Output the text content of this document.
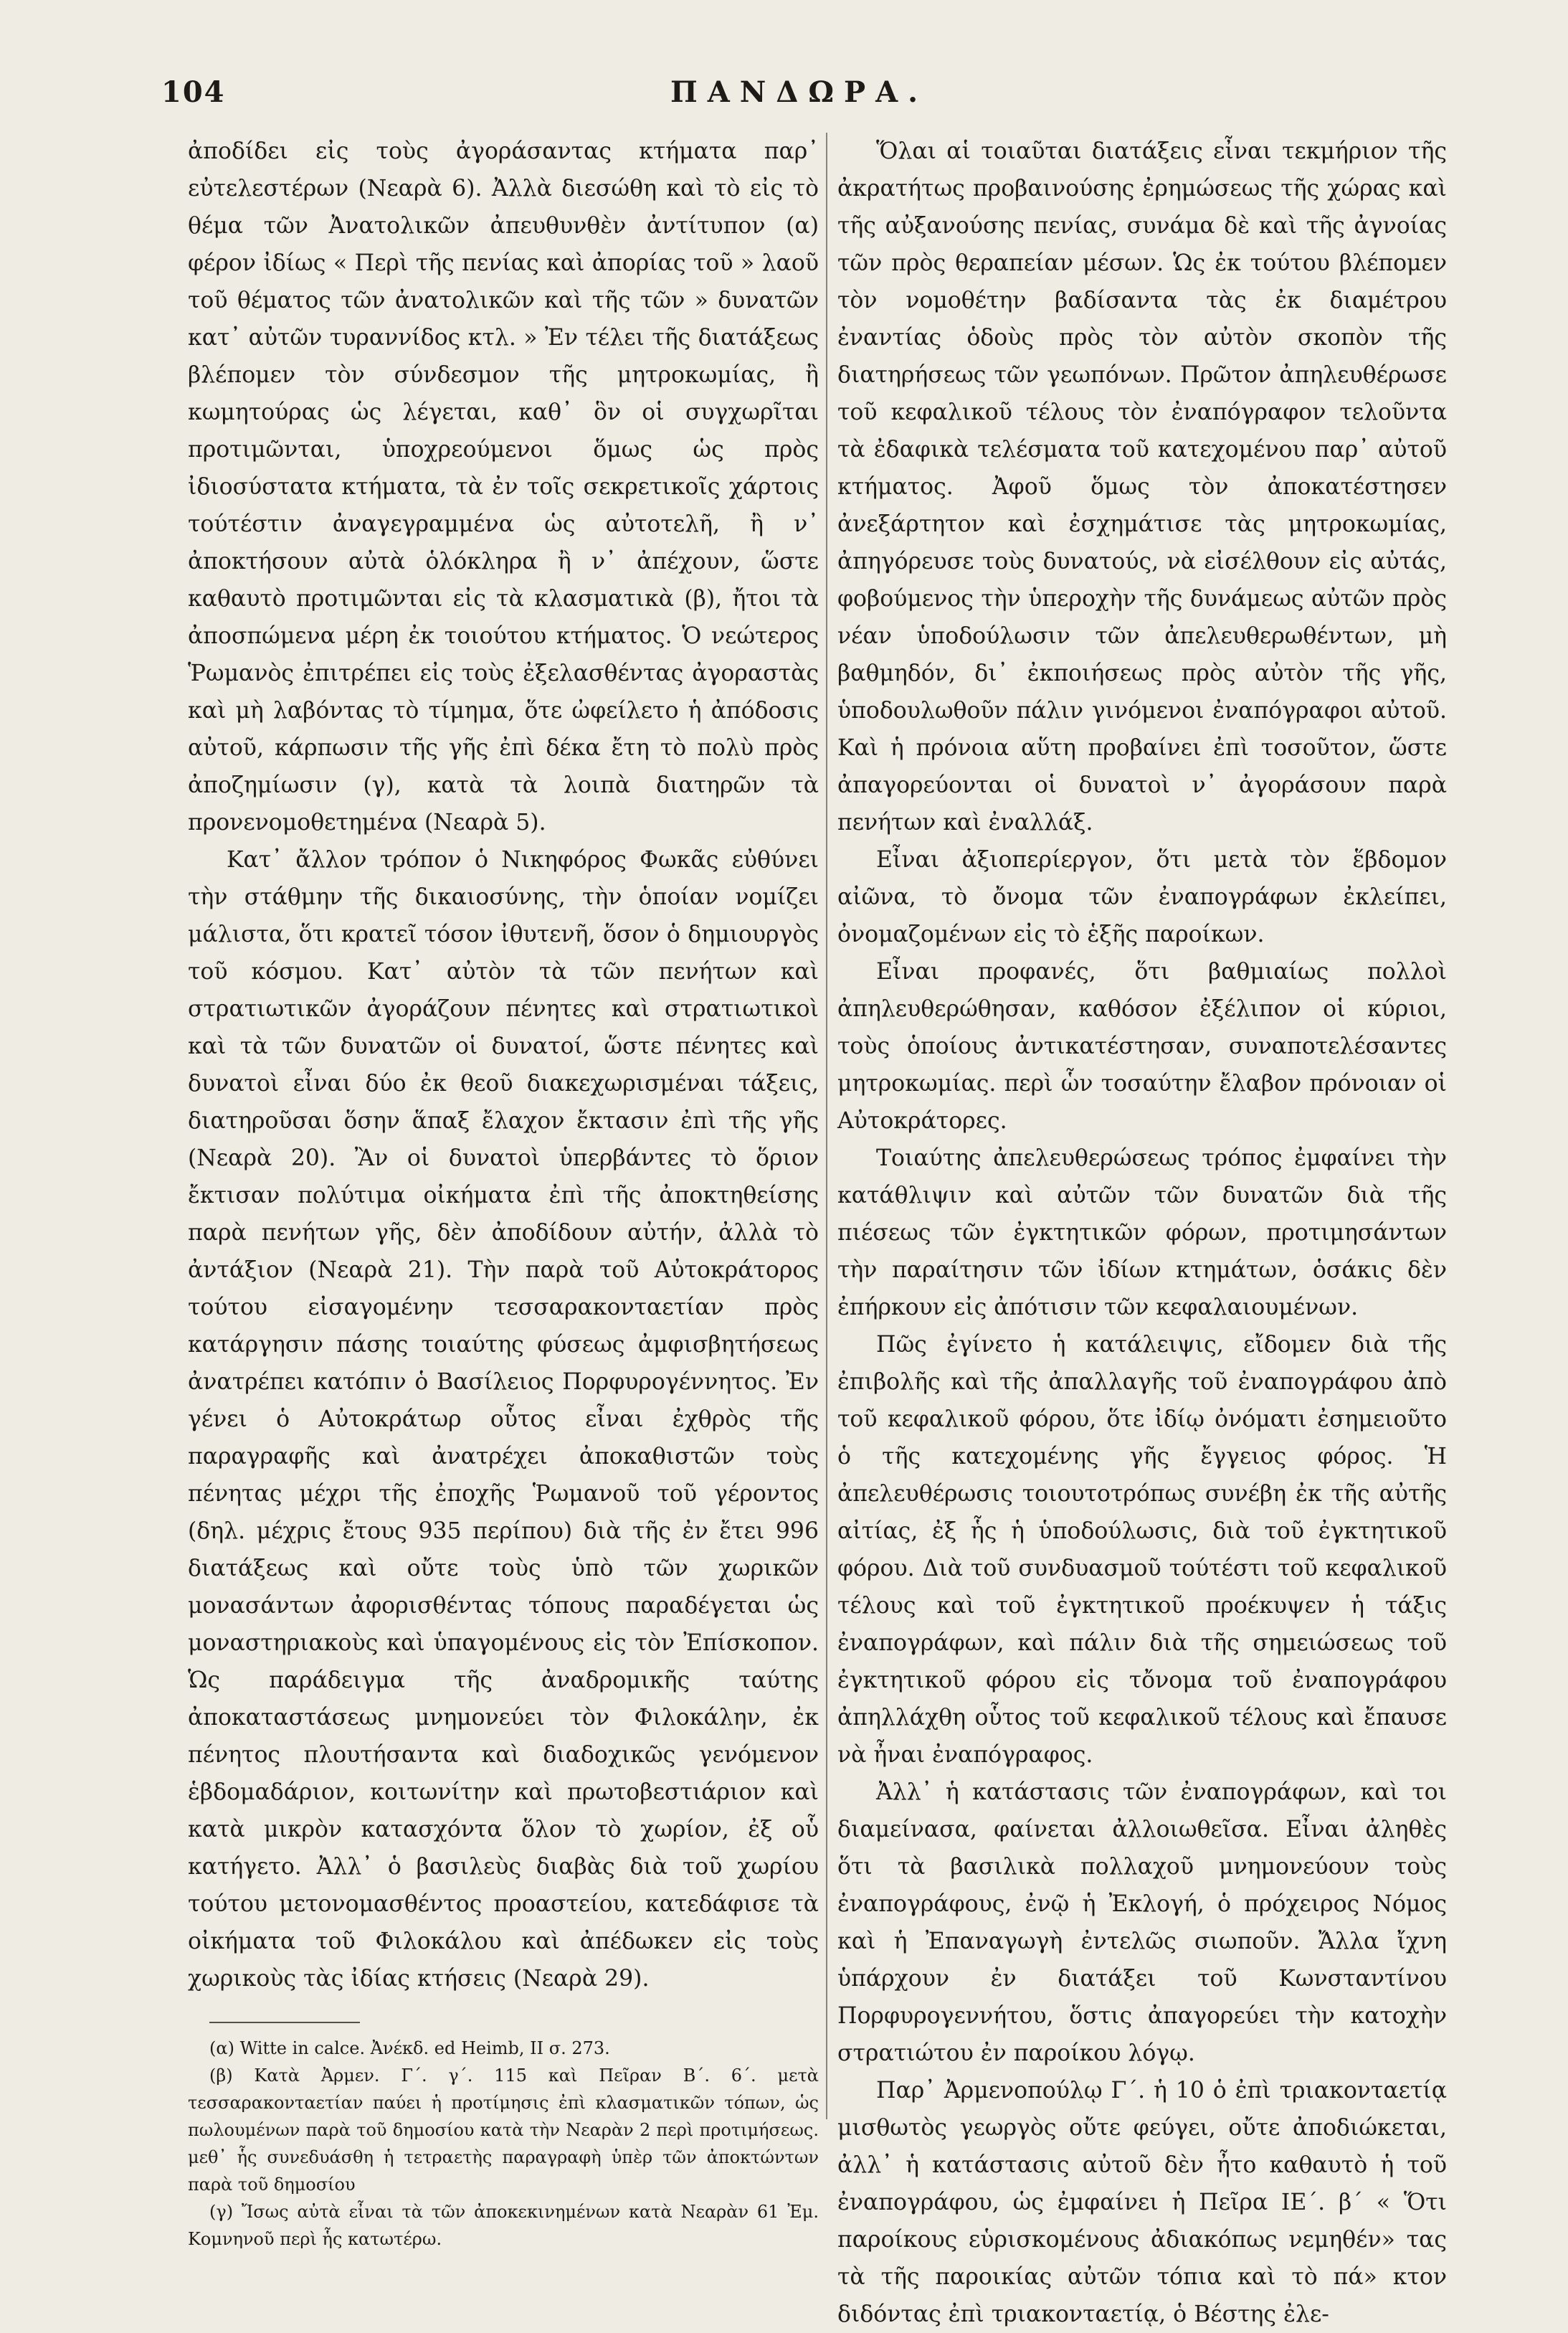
104	ΠΑΝΔΩΡΑ.

ἀποδίδει εἰς τοὺς ἀγοράσαντας κτήματα παρ᾽ εὐτελεστέρων (Νεαρὰ 6). Ἀλλὰ διεσώθη καὶ τὸ εἰς τὸ θέμα τῶν Ἀνατολικῶν ἀπευθυνθὲν ἀντίτυπον (α) φέρον ἰδίως « Περὶ τῆς πενίας καὶ ἀπορίας τοῦ » λαοῦ τοῦ θέματος τῶν ἀνατολικῶν καὶ τῆς τῶν » δυνατῶν κατ᾽ αὐτῶν τυραννίδος κτλ. » Ἐν τέλει τῆς διατάξεως βλέπομεν τὸν σύνδεσμον τῆς μητροκωμίας, ἢ κωμητούρας ὡς λέγεται, καθ᾽ ὃν οἱ συγχωρῖται προτιμῶνται, ὑποχρεούμενοι ὅμως ὡς πρὸς ἰδιοσύστατα κτήματα, τὰ ἐν τοῖς σεκρετικοῖς χάρτοις τούτέστιν ἀναγεγραμμένα ὡς αὐτοτελῆ, ἢ ν᾽ ἀποκτήσουν αὐτὰ ὁλόκληρα ἢ ν᾽ ἀπέχουν, ὥστε καθαυτὸ προτιμῶνται εἰς τὰ κλασματικὰ (β), ἤτοι τὰ ἀποσπώμενα μέρη ἐκ τοιούτου κτήματος. Ὁ νεώτερος Ῥωμανὸς ἐπιτρέπει εἰς τοὺς ἐξελασθέντας ἀγοραστὰς καὶ μὴ λαβόντας τὸ τίμημα, ὅτε ὠφείλετο ἡ ἀπόδοσις αὐτοῦ, κάρπωσιν τῆς γῆς ἐπὶ δέκα ἔτη τὸ πολὺ πρὸς ἀποζημίωσιν (γ), κατὰ τὰ λοιπὰ διατηρῶν τὰ προνενομοθετημένα (Νεαρὰ 5).

Κατ᾽ ἄλλον τρόπον ὁ Νικηφόρος Φωκᾶς εὐθύνει τὴν στάθμην τῆς δικαιοσύνης, τὴν ὁποίαν νομίζει μάλιστα, ὅτι κρατεῖ τόσον ἰθυτενῆ, ὅσον ὁ δημιουργὸς τοῦ κόσμου. Κατ᾽ αὐτὸν τὰ τῶν πενήτων καὶ στρατιωτικῶν ἀγοράζουν πένητες καὶ στρατιωτικοὶ καὶ τὰ τῶν δυνατῶν οἱ δυνατοί, ὥστε πένητες καὶ δυνατοὶ εἶναι δύο ἐκ θεοῦ διακεχωρισμέναι τάξεις, διατηροῦσαι ὅσην ἅπαξ ἔλαχον ἔκτασιν ἐπὶ τῆς γῆς (Νεαρὰ 20). Ἂν οἱ δυνατοὶ ὑπερβάντες τὸ ὅριον ἔκτισαν πολύτιμα οἰκήματα ἐπὶ τῆς ἀποκτηθείσης παρὰ πενήτων γῆς, δὲν ἀποδίδουν αὐτήν, ἀλλὰ τὸ ἀντάξιον (Νεαρὰ 21). Τὴν παρὰ τοῦ Αὐτοκράτορος τούτου εἰσαγομένην τεσσαρακονταετίαν πρὸς κατάργησιν πάσης τοιαύτης φύσεως ἀμφισβητήσεως ἀνατρέπει κατόπιν ὁ Βασίλειος Πορφυρογέννητος. Ἐν γένει ὁ Αὐτοκράτωρ οὗτος εἶναι ἐχθρὸς τῆς παραγραφῆς καὶ ἀνατρέχει ἀποκαθιστῶν τοὺς πένητας μέχρι τῆς ἐποχῆς Ῥωμανοῦ τοῦ γέροντος (δηλ. μέχρις ἔτους 935 περίπου) διὰ τῆς ἐν ἔτει 996 διατάξεως καὶ οὔτε τοὺς ὑπὸ τῶν χωρικῶν μονασάντων ἀφορισθέντας τόπους παραδέγεται ὡς μοναστηριακοὺς καὶ ὑπαγομένους εἰς τὸν Ἐπίσκοπον. Ὡς παράδειγμα τῆς ἀναδρομικῆς ταύτης ἀποκαταστάσεως μνημονεύει τὸν Φιλοκάλην, ἐκ πένητος πλουτήσαντα καὶ διαδοχικῶς γενόμενον ἑβδομαδάριον, κοιτωνίτην καὶ πρωτοβεστιάριον καὶ κατὰ μικρὸν κατασχόντα ὅλον τὸ χωρίον, ἐξ οὗ κατήγετο. Ἀλλ᾽ ὁ βασιλεὺς διαβὰς διὰ τοῦ χωρίου τούτου μετονομασθέντος προαστείου, κατεδάφισε τὰ οἰκήματα τοῦ Φιλοκάλου καὶ ἀπέδωκεν εἰς τοὺς χωρικοὺς τὰς ἰδίας κτήσεις (Νεαρὰ 29).

(α) Witte in calce. Ἀνέκδ. ed Heimb, II σ. 273.

(β) Κατὰ Ἀρμεν. Γ΄. γ΄. 115 καὶ Πεῖραν Β΄. 6΄. μετὰ τεσσαρακονταετίαν παύει ἡ προτίμησις ἐπὶ κλασματικῶν τόπων, ὡς πωλουμένων παρὰ τοῦ δημοσίου κατὰ τὴν Νεαρὰν 2 περὶ προτιμήσεως. μεθ᾽ ἧς συνεδυάσθη ἡ τετραετὴς παραγραφὴ ὑπὲρ τῶν ἀποκτώντων παρὰ τοῦ δημοσίου

(γ) Ἴσως αὐτὰ εἶναι τὰ τῶν ἀποκεκινημένων κατὰ Νεαρὰν 61 Ἐμ. Κομνηνοῦ περὶ ἧς κατωτέρω.

Ὅλαι αἱ τοιαῦται διατάξεις εἶναι τεκμήριον τῆς ἀκρατήτως προβαινούσης ἐρημώσεως τῆς χώρας καὶ τῆς αὐξανούσης πενίας, συνάμα δὲ καὶ τῆς ἀγνοίας τῶν πρὸς θεραπείαν μέσων. Ὡς ἐκ τούτου βλέπομεν τὸν νομοθέτην βαδίσαντα τὰς ἐκ διαμέτρου ἐναντίας ὁδοὺς πρὸς τὸν αὐτὸν σκοπὸν τῆς διατηρήσεως τῶν γεωπόνων. Πρῶτον ἀπηλευθέρωσε τοῦ κεφαλικοῦ τέλους τὸν ἐναπόγραφον τελοῦντα τὰ ἐδαφικὰ τελέσματα τοῦ κατεχομένου παρ᾽ αὐτοῦ κτήματος. Ἀφοῦ ὅμως τὸν ἀποκατέστησεν ἀνεξάρτητον καὶ ἐσχημάτισε τὰς μητροκωμίας, ἀπηγόρευσε τοὺς δυνατούς, νὰ εἰσέλθουν εἰς αὐτάς, φοβούμενος τὴν ὑπεροχὴν τῆς δυνάμεως αὐτῶν πρὸς νέαν ὑποδούλωσιν τῶν ἀπελευθερωθέντων, μὴ βαθμηδόν, δι᾽ ἐκποιήσεως πρὸς αὐτὸν τῆς γῆς, ὑποδουλωθοῦν πάλιν γινόμενοι ἐναπόγραφοι αὐτοῦ. Καὶ ἡ πρόνοια αὕτη προβαίνει ἐπὶ τοσοῦτον, ὥστε ἀπαγορεύονται οἱ δυνατοὶ ν᾽ ἀγοράσουν παρὰ πενήτων καὶ ἐναλλάξ.

Εἶναι ἀξιοπερίεργον, ὅτι μετὰ τὸν ἕβδομον αἰῶνα, τὸ ὄνομα τῶν ἐναπογράφων ἐκλείπει, ὀνομαζομένων εἰς τὸ ἑξῆς παροίκων.

Εἶναι προφανές, ὅτι βαθμιαίως πολλοὶ ἀπηλευθερώθησαν, καθόσον ἐξέλιπον οἱ κύριοι, τοὺς ὁποίους ἀντικατέστησαν, συναποτελέσαντες μητροκωμίας. περὶ ὧν τοσαύτην ἔλαβον πρόνοιαν οἱ Αὐτοκράτορες.

Τοιαύτης ἀπελευθερώσεως τρόπος ἐμφαίνει τὴν κατάθλιψιν καὶ αὐτῶν τῶν δυνατῶν διὰ τῆς πιέσεως τῶν ἐγκτητικῶν φόρων, προτιμησάντων τὴν παραίτησιν τῶν ἰδίων κτημάτων, ὁσάκις δὲν ἐπήρκουν εἰς ἀπότισιν τῶν κεφαλαιουμένων.

Πῶς ἐγίνετο ἡ κατάλειψις, εἴδομεν διὰ τῆς ἐπιβολῆς καὶ τῆς ἀπαλλαγῆς τοῦ ἐναπογράφου ἀπὸ τοῦ κεφαλικοῦ φόρου, ὅτε ἰδίῳ ὀνόματι ἐσημειοῦτο ὁ τῆς κατεχομένης γῆς ἔγγειος φόρος. Ἡ ἀπελευθέρωσις τοιουτοτρόπως συνέβη ἐκ τῆς αὐτῆς αἰτίας, ἐξ ἧς ἡ ὑποδούλωσις, διὰ τοῦ ἐγκτητικοῦ φόρου. Διὰ τοῦ συνδυασμοῦ τούτέστι τοῦ κεφαλικοῦ τέλους καὶ τοῦ ἐγκτητικοῦ προέκυψεν ἡ τάξις ἐναπογράφων, καὶ πάλιν διὰ τῆς σημειώσεως τοῦ ἐγκτητικοῦ φόρου εἰς τὄνομα τοῦ ἐναπογράφου ἀπηλλάχθη οὗτος τοῦ κεφαλικοῦ τέλους καὶ ἔπαυσε νὰ ἦναι ἐναπόγραφος.

Ἀλλ᾽ ἡ κατάστασις τῶν ἐναπογράφων, καὶ τοι διαμείνασα, φαίνεται ἀλλοιωθεῖσα. Εἶναι ἀληθὲς ὅτι τὰ βασιλικὰ πολλαχοῦ μνημονεύουν τοὺς ἐναπογράφους, ἐνῷ ἡ Ἐκλογή, ὁ πρόχειρος Νόμος καὶ ἡ Ἐπαναγωγὴ ἐντελῶς σιωποῦν. Ἄλλα ἴχνη ὑπάρχουν ἐν διατάξει τοῦ Κωνσταντίνου Πορφυρογεννήτου, ὅστις ἀπαγορεύει τὴν κατοχὴν στρατιώτου ἐν παροίκου λόγῳ.

Παρ᾽ Ἀρμενοπούλῳ Γ΄. ἡ 10 ὁ ἐπὶ τριακονταετίᾳ μισθωτὸς γεωργὸς οὔτε φεύγει, οὔτε ἀποδιώκεται, ἀλλ᾽ ἡ κατάστασις αὐτοῦ δὲν ἦτο καθαυτὸ ἡ τοῦ ἐναπογράφου, ὡς ἐμφαίνει ἡ Πεῖρα ΙΕ΄. β΄ « Ὅτι παροίκους εὑρισκομένους ἀδιακόπως νεμηθέν» τας τὰ τῆς παροικίας αὐτῶν τόπια καὶ τὸ πά» κτον διδόντας ἐπὶ τριακονταετίᾳ, ὁ Βέστης ἐλε-
